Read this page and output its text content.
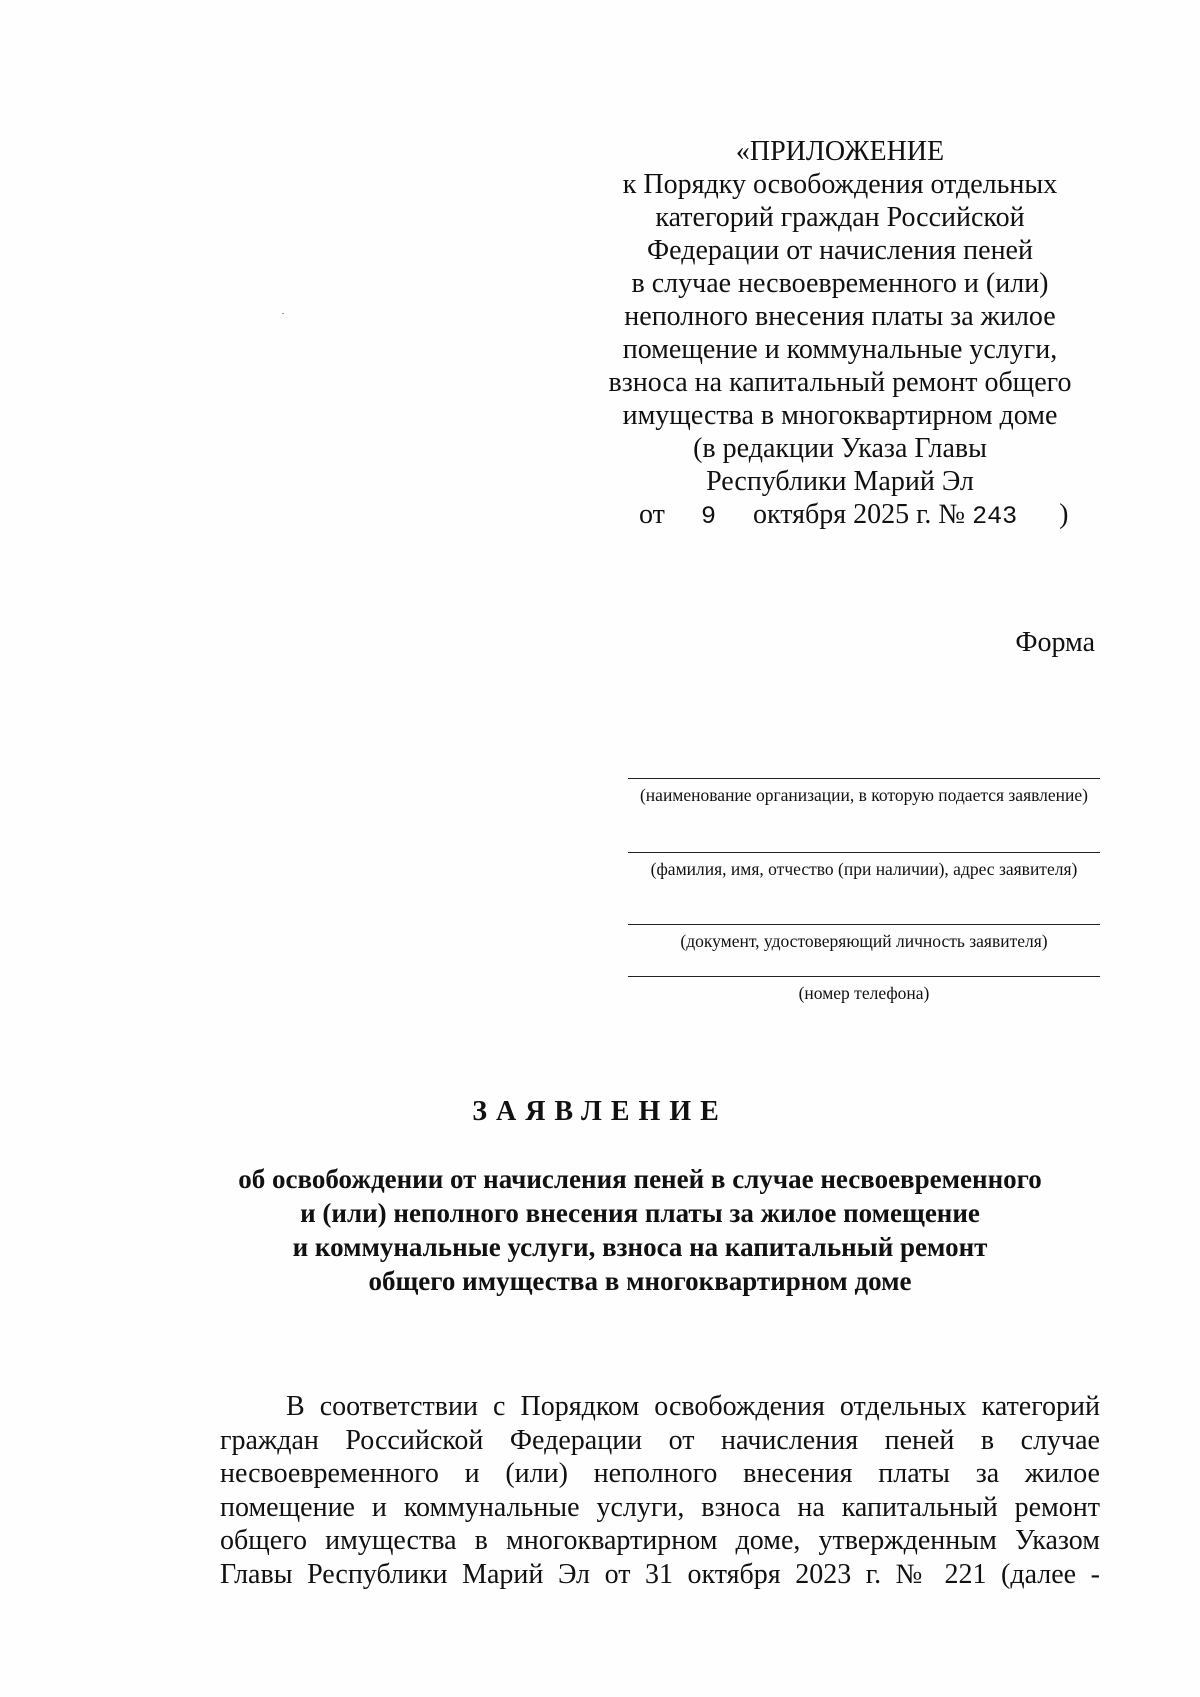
«ПРИЛОЖЕНИЕ
к Порядку освобождения отдельных
категорий граждан Российской
Федерации от начисления пеней
в случае несвоевременного и (или)
неполного внесения платы за жилое
помещение и коммунальные услуги,
взноса на капитальный ремонт общего
имущества в многоквартирном доме
(в редакции Указа Главы
Республики Марий Эл
от 9 октября 2025 г. № 243 )
Форма
(наименование организации, в которую подается заявление)
(фамилия, имя, отчество (при наличии), адрес заявителя)
(документ, удостоверяющий личность заявителя)
(номер телефона)
ЗАЯВЛЕНИЕ
об освобождении от начисления пеней в случае несвоевременного
и (или) неполного внесения платы за жилое помещение
и коммунальные услуги, взноса на капитальный ремонт
общего имущества в многоквартирном доме
В соответствии с Порядком освобождения отдельных категорий
граждан Российской Федерации от начисления пеней в случае
несвоевременного и (или) неполного внесения платы за жилое
помещение и коммунальные услуги, взноса на капитальный ремонт
общего имущества в многоквартирном доме, утвержденным Указом
Главы Республики Марий Эл от 31 октября 2023 г. № 221 (далее -
